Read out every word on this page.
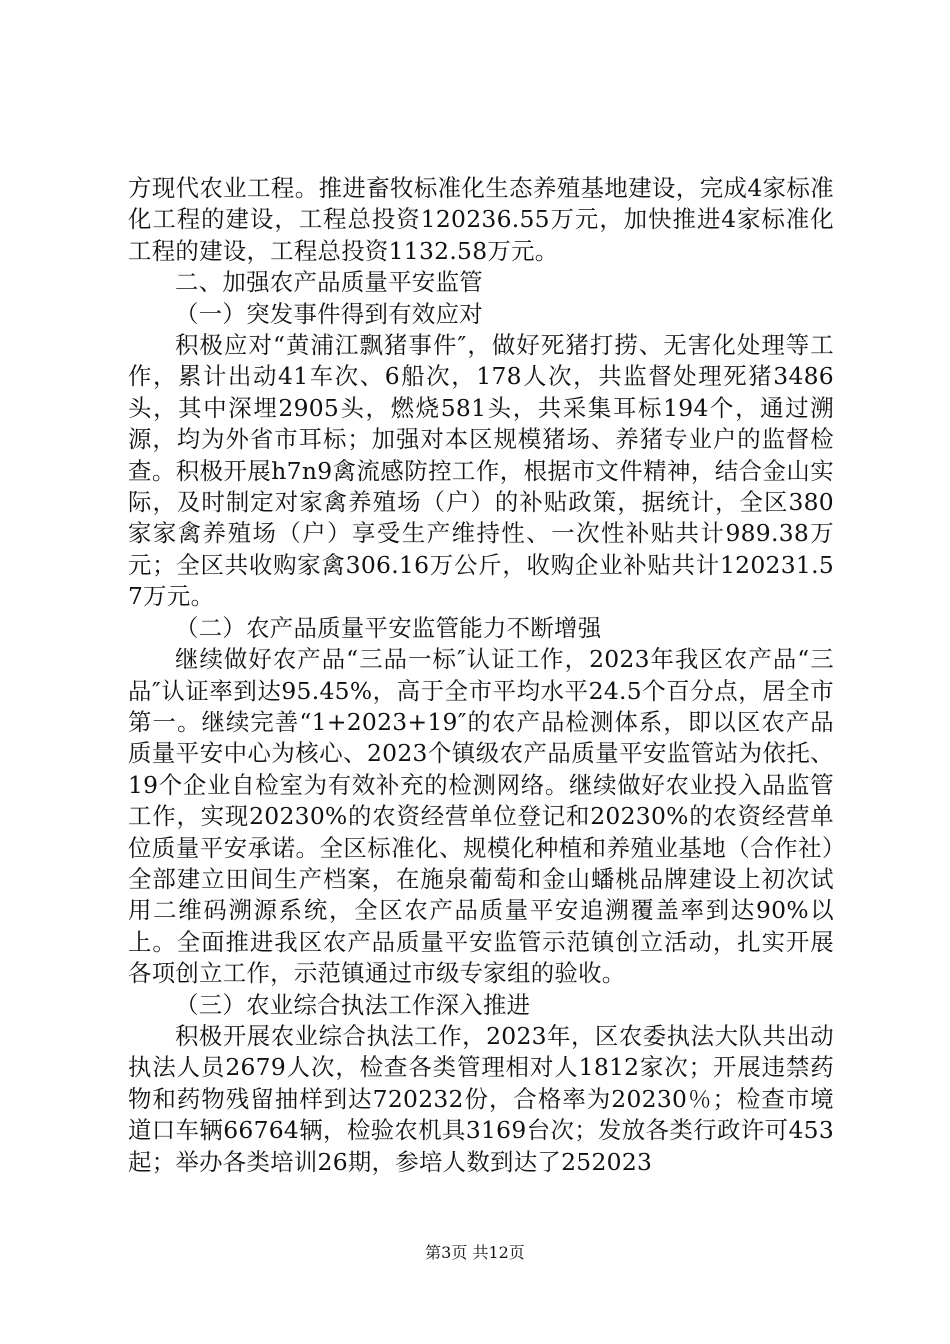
方现代农业工程。推进畜牧标准化生态养殖基地建设，完成4家标准化工程的建设，工程总投资120236.55万元，加快推进4家标准化工程的建设，工程总投资1132.58万元。

二、加强农产品质量平安监管

（一）突发事件得到有效应对

积极应对“黄浦江飘猪事件″，做好死猪打捞、无害化处理等工作，累计出动41车次、6船次，178人次，共监督处理死猪3486头，其中深埋2905头，燃烧581头，共采集耳标194个，通过溯源，均为外省市耳标；加强对本区规模猪场、养猪专业户的监督检查。积极开展h7n9禽流感防控工作，根据市文件精神，结合金山实际，及时制定对家禽养殖场（户）的补贴政策，据统计，全区380家家禽养殖场（户）享受生产维持性、一次性补贴共计989.38万元；全区共收购家禽306.16万公斤，收购企业补贴共计120231.57万元。

（二）农产品质量平安监管能力不断增强

继续做好农产品“三品一标″认证工作，2023年我区农产品“三品″认证率到达95.45%，高于全市平均水平24.5个百分点，居全市第一。继续完善“1+2023+19″的农产品检测体系，即以区农产品质量平安中心为核心、2023个镇级农产品质量平安监管站为依托、19个企业自检室为有效补充的检测网络。继续做好农业投入品监管工作，实现20230%的农资经营单位登记和20230%的农资经营单位质量平安承诺。全区标准化、规模化种植和养殖业基地（合作社）全部建立田间生产档案，在施泉葡萄和金山蟠桃品牌建设上初次试用二维码溯源系统，全区农产品质量平安追溯覆盖率到达90%以上。全面推进我区农产品质量平安监管示范镇创立活动，扎实开展各项创立工作，示范镇通过市级专家组的验收。

（三）农业综合执法工作深入推进

积极开展农业综合执法工作，2023年，区农委执法大队共出动执法人员2679人次，检查各类管理相对人1812家次；开展违禁药物和药物残留抽样到达720232份，合格率为20230％；检查市境道口车辆66764辆，检验农机具3169台次；发放各类行政许可453起；举办各类培训26期，参培人数到达了252023

第3页 共12页
